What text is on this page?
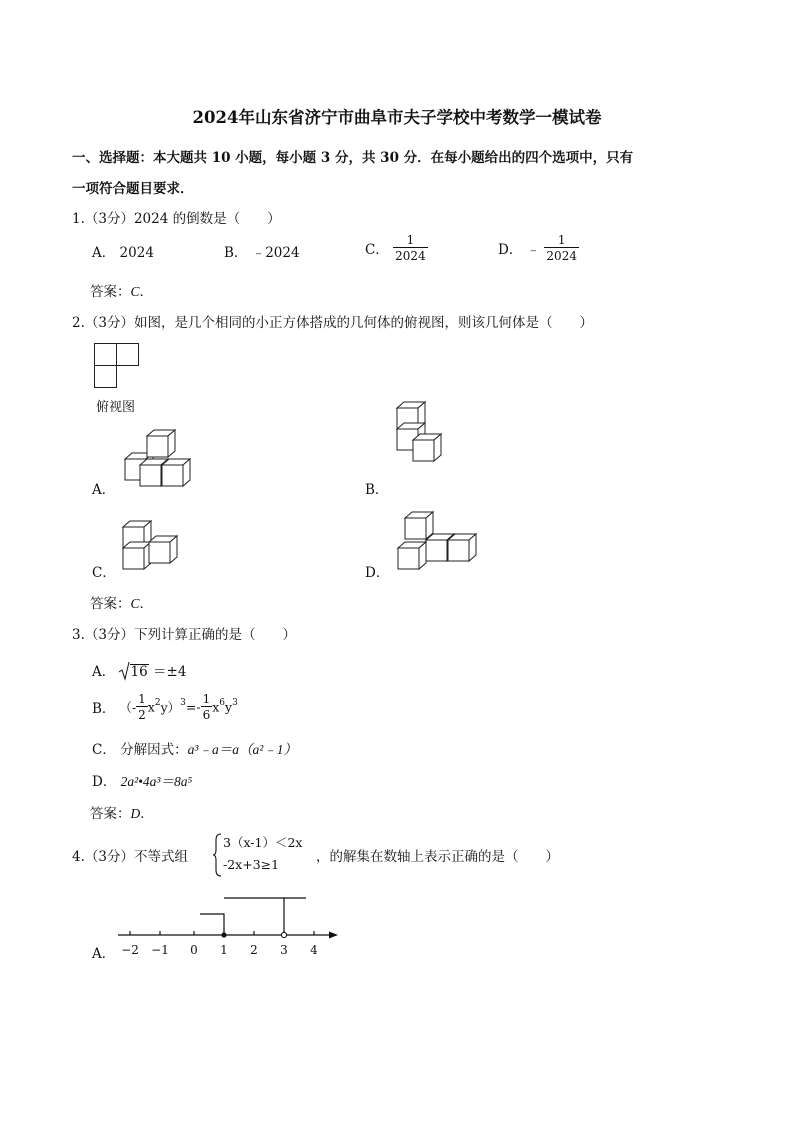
2024年山东省济宁市曲阜市夫子学校中考数学一模试卷
一、选择题：本大题共 10 小题，每小题 3 分，共 30 分．在每小题给出的四个选项中，只有
一项符合题目要求．
1.（3分）2024 的倒数是（　　）
A． 2024	B． ﹣2024	C． $\frac{1}{2024}$	D． ﹣ $\frac{1}{2024}$
答案：C．
2.（3分）如图，是几个相同的小正方体搭成的几何体的俯视图，则该几何体是（　　）
俯视图
A．	B．
C．	D．
答案：C．
3.（3分）下列计算正确的是（　　）
A． 16 ＝±4
B． （- $\frac{1}{2} x^2y)^3=- \frac{1}{6} x^6y^3$
C． 分解因式：a³﹣a＝a（a²﹣1）
D． 2a²•4a³＝8a⁵
答案：D．
4.（3分）不等式组
3（x-1）＜2x
-2x+3≥1	，的解集在数轴上表示正确的是（　　）
A． −2 −1 0 1 2 3 4
